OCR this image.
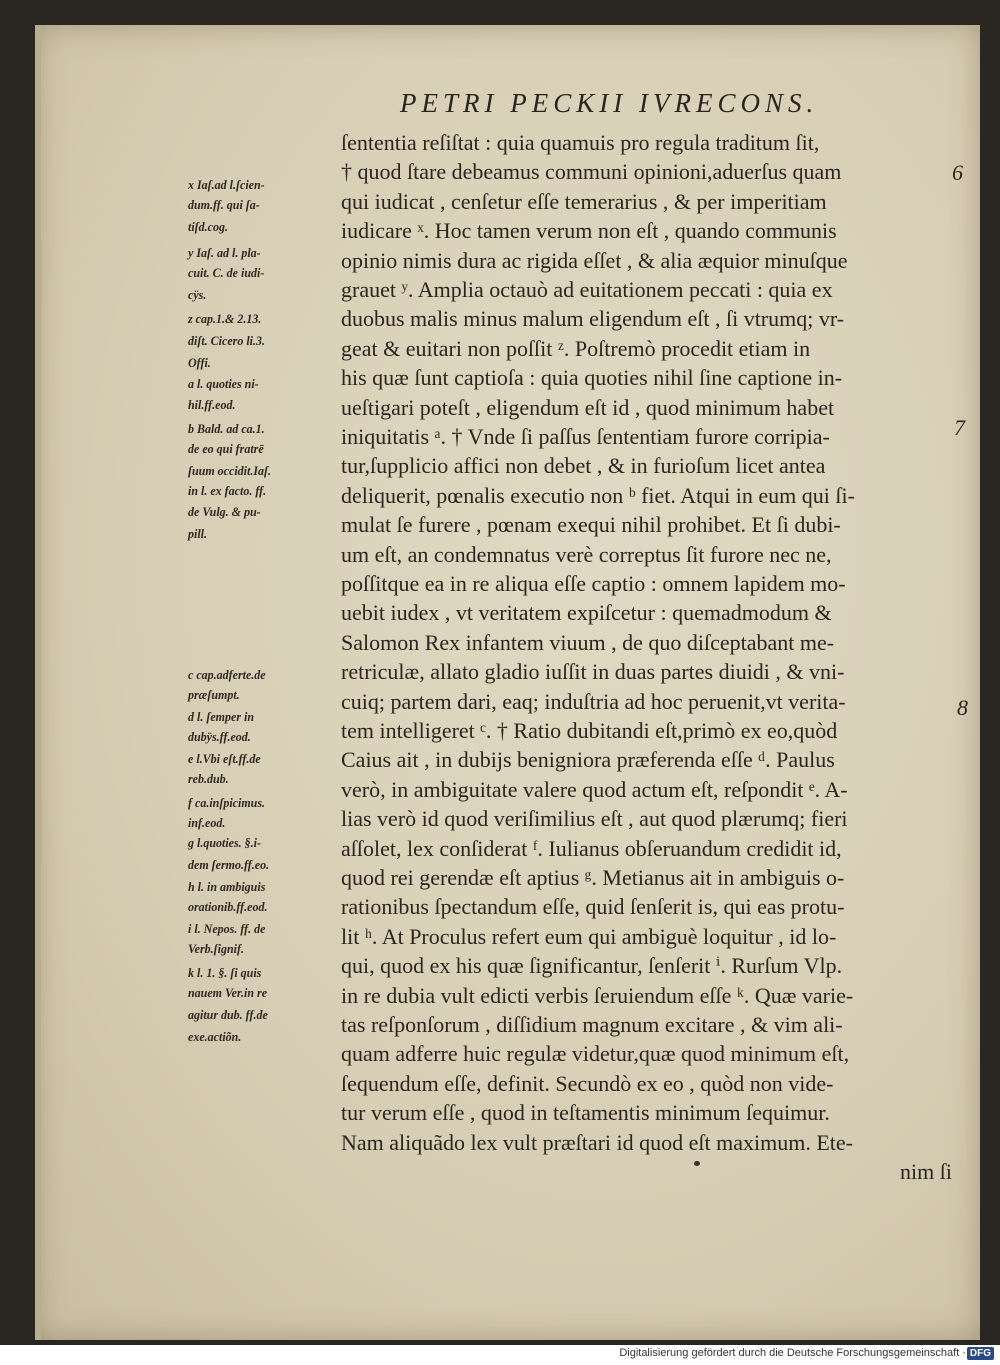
PETRI PECKII IVRECONS.
x Iaſ.ad l.ſcien-
dum.ff. qui ſa-
tiſd.cog.
y Iaſ. ad l. pla-
cuit. C. de iudi-
cÿs.
z cap.1.& 2.13.
diſt. Cicero li.3.
Offi.
a l. quoties ni-
hil.ff.eod.
b Bald. ad ca.1.
de eo qui fratrē
ſuum occidit.Iaſ.
in l. ex facto. ff.
de Vulg. & pu-
pill.
c cap.adferte.de
præſumpt.
d l. ſemper in
dubÿs.ff.eod.
e l.Vbi eſt.ff.de
reb.dub.
f ca.inſpicimus.
inf.eod.
g l.quoties. §.i-
dem ſermo.ff.eo.
h l. in ambiguis
orationib.ff.eod.
i l. Nepos. ff. de
Verb.ſignif.
k l. 1. §. ſi quis
nauem Ver.in re
agitur dub. ff.de
exe.actiõn.
ſententia reſiſtat : quia quamuis pro regula traditum ſit,
† quod ſtare debeamus communi opinioni,aduerſus quam
qui iudicat , cenſetur eſſe temerarius , & per imperitiam
iudicare ˣ. Hoc tamen verum non eſt , quando communis
opinio nimis dura ac rigida eſſet , & alia æquior minuſque
grauet ʸ. Amplia octauò ad euitationem peccati : quia ex
duobus malis minus malum eligendum eſt , ſi vtrumq; vr-
geat & euitari non poſſit ᶻ. Poſtremò procedit etiam in
his quæ ſunt captioſa : quia quoties nihil ſine captione in-
ueſtigari poteſt , eligendum eſt id , quod minimum habet
iniquitatis ᵃ. † Vnde ſi paſſus ſententiam furore corripia-
tur,ſupplicio affici non debet , & in furioſum licet antea
deliquerit, pœnalis executio non ᵇ fiet. Atqui in eum qui ſi-
mulat ſe furere , pœnam exequi nihil prohibet. Et ſi dubi-
um eſt, an condemnatus verè correptus ſit furore nec ne,
poſſitque ea in re aliqua eſſe captio : omnem lapidem mo-
uebit iudex , vt veritatem expiſcetur : quemadmodum &
Salomon Rex infantem viuum , de quo diſceptabant me-
retriculæ, allato gladio iuſſit in duas partes diuidi , & vni-
cuiq; partem dari, eaq; induſtria ad hoc peruenit,vt verita-
tem intelligeret ᶜ. † Ratio dubitandi eſt,primò ex eo,quòd
Caius ait , in dubijs benigniora præferenda eſſe ᵈ. Paulus
verò, in ambiguitate valere quod actum eſt, reſpondit ᵉ. A-
lias verò id quod veriſimilius eſt , aut quod plærumq; fieri
aſſolet, lex conſiderat ᶠ. Iulianus obſeruandum credidit id,
quod rei gerendæ eſt aptius ᵍ. Metianus ait in ambiguis o-
rationibus ſpectandum eſſe, quid ſenſerit is, qui eas protu-
lit ʰ. At Proculus refert eum qui ambiguè loquitur , id lo-
qui, quod ex his quæ ſignificantur, ſenſerit ⁱ. Rurſum Vlp.
in re dubia vult edicti verbis ſeruiendum eſſe ᵏ. Quæ varie-
tas reſponſorum , diſſidium magnum excitare , & vim ali-
quam adferre huic regulæ videtur,quæ quod minimum eſt,
ſequendum eſſe, definit. Secundò ex eo , quòd non vide-
tur verum eſſe , quod in teſtamentis minimum ſequimur.
Nam aliquãdo lex vult præſtari id quod eſt maximum. Ete-
nim ſi
6
7
8
Digitalisierung gefördert durch die Deutsche Forschungsgemeinschaft · DFG
